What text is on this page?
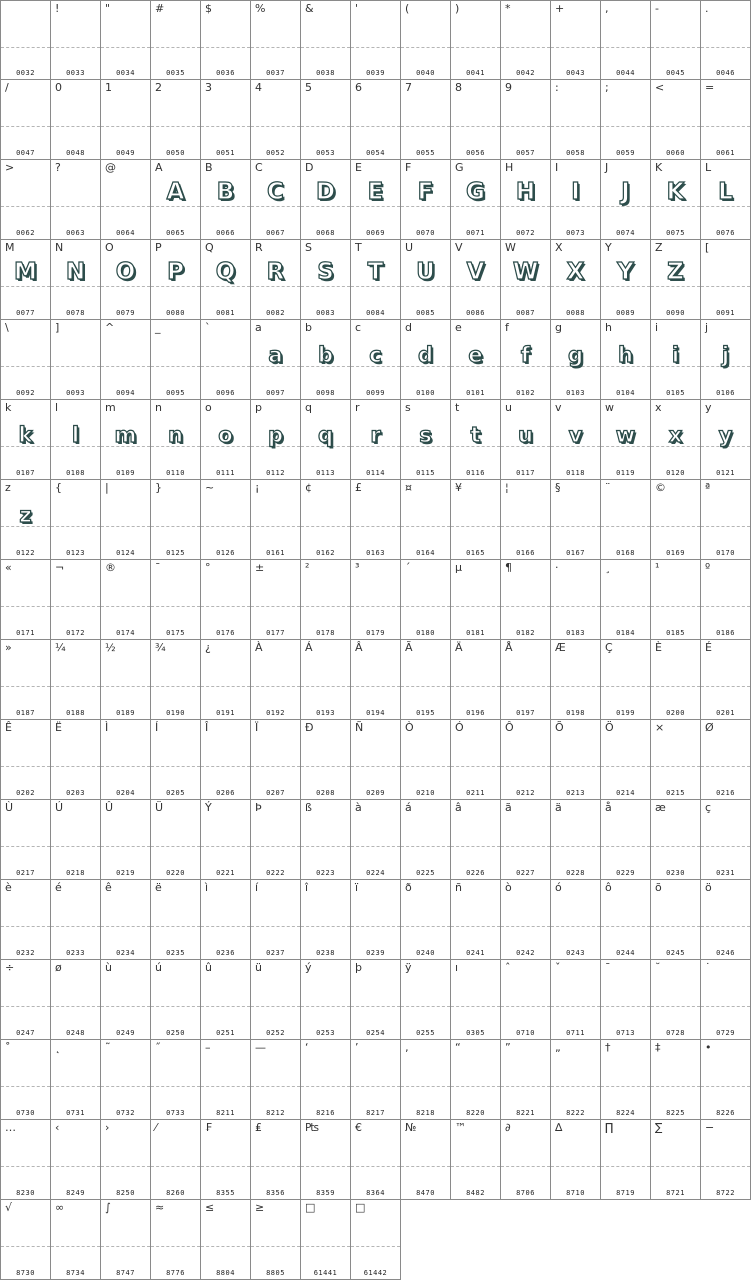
0032
!
0033
"
0034
#
0035
$
0036
%
0037
&
0038
'
0039
(
0040
)
0041
*
0042
+
0043
,
0044
-
0045
.
0046
/
0047
0
0048
1
0049
2
0050
3
0051
4
0052
5
0053
6
0054
7
0055
8
0056
9
0057
:
0058
;
0059
<
0060
=
0061
>
0062
?
0063
@
0064
A
A
0065
B
B
0066
C
C
0067
D
D
0068
E
E
0069
F
F
0070
G
G
0071
H
H
0072
I
I
0073
J
J
0074
K
K
0075
L
L
0076
M
M
0077
N
N
0078
O
O
0079
P
P
0080
Q
Q
0081
R
R
0082
S
S
0083
T
T
0084
U
U
0085
V
V
0086
W
W
0087
X
X
0088
Y
Y
0089
Z
Z
0090
[
0091
\
0092
]
0093
^
0094
_
0095
`
0096
a
a
0097
b
b
0098
c
c
0099
d
d
0100
e
e
0101
f
f
0102
g
g
0103
h
h
0104
i
i
0105
j
j
0106
k
k
0107
l
l
0108
m
m
0109
n
n
0110
o
o
0111
p
p
0112
q
q
0113
r
r
0114
s
s
0115
t
t
0116
u
u
0117
v
v
0118
w
w
0119
x
x
0120
y
y
0121
z
z
0122
{
0123
|
0124
}
0125
~
0126
¡
0161
¢
0162
£
0163
¤
0164
¥
0165
¦
0166
§
0167
¨
0168
©
0169
ª
0170
«
0171
¬
0172
®
0174
¯
0175
°
0176
±
0177
²
0178
³
0179
´
0180
µ
0181
¶
0182
·
0183
¸
0184
¹
0185
º
0186
»
0187
¼
0188
½
0189
¾
0190
¿
0191
À
0192
Á
0193
Â
0194
Ã
0195
Ä
0196
Å
0197
Æ
0198
Ç
0199
È
0200
É
0201
Ê
0202
Ë
0203
Ì
0204
Í
0205
Î
0206
Ï
0207
Ð
0208
Ñ
0209
Ò
0210
Ó
0211
Ô
0212
Õ
0213
Ö
0214
×
0215
Ø
0216
Ù
0217
Ú
0218
Û
0219
Ü
0220
Ý
0221
Þ
0222
ß
0223
à
0224
á
0225
â
0226
ã
0227
ä
0228
å
0229
æ
0230
ç
0231
è
0232
é
0233
ê
0234
ë
0235
ì
0236
í
0237
î
0238
ï
0239
ð
0240
ñ
0241
ò
0242
ó
0243
ô
0244
õ
0245
ö
0246
÷
0247
ø
0248
ù
0249
ú
0250
û
0251
ü
0252
ý
0253
þ
0254
ÿ
0255
ı
0305
ˆ
0710
ˇ
0711
ˉ
0713
˘
0728
˙
0729
˚
0730
˛
0731
˜
0732
˝
0733
–
8211
—
8212
‘
8216
’
8217
‚
8218
“
8220
”
8221
„
8222
†
8224
‡
8225
•
8226
…
8230
‹
8249
›
8250
⁄
8260
₣
8355
₤
8356
₧
8359
€
8364
№
8470
™
8482
∂
8706
∆
8710
∏
8719
∑
8721
−
8722
√
8730
∞
8734
∫
8747
≈
8776
≤
8804
≥
8805
□
61441
□
61442
